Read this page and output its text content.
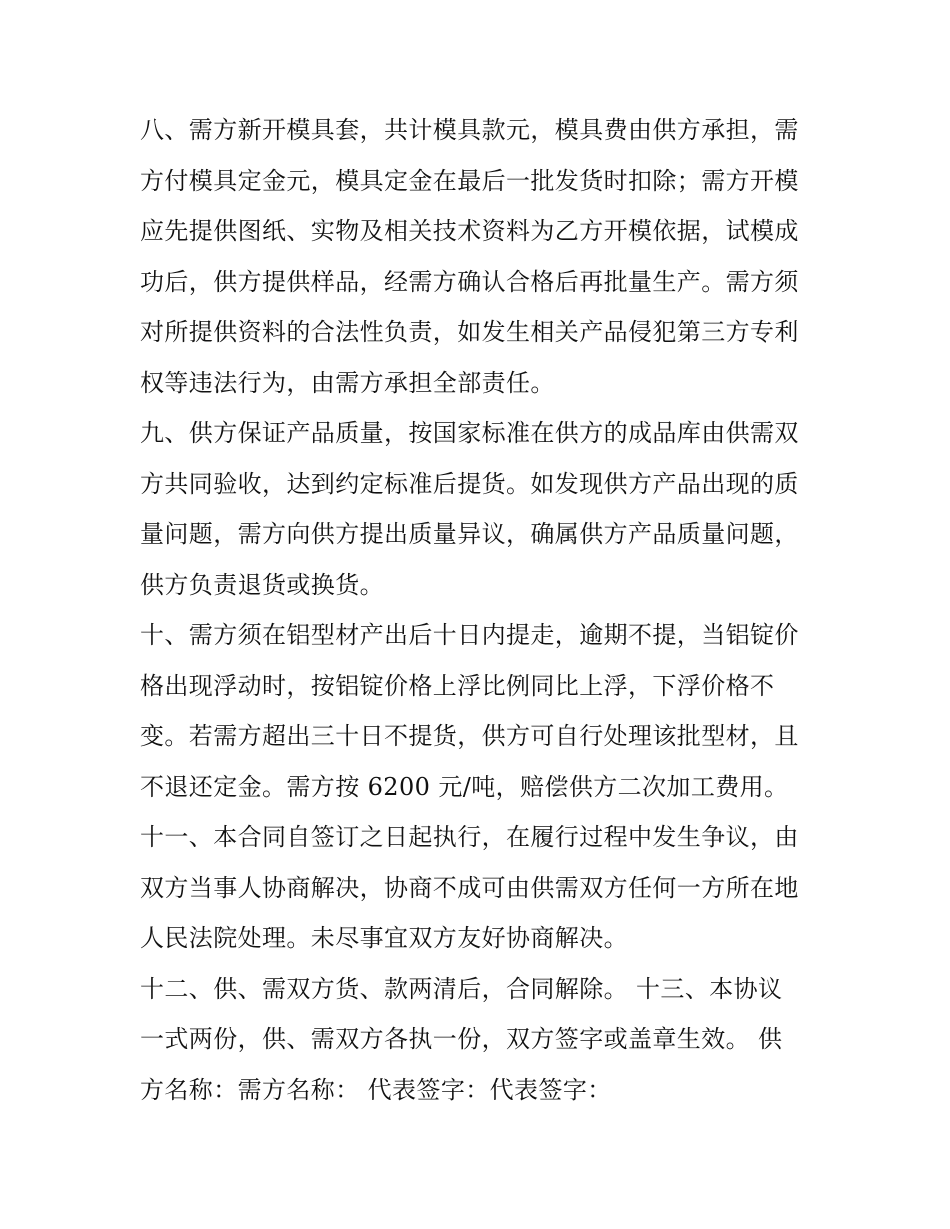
八、需方新开模具套，共计模具款元，模具费由供方承担，需
方付模具定金元，模具定金在最后一批发货时扣除；需方开模
应先提供图纸、实物及相关技术资料为乙方开模依据，试模成
功后，供方提供样品，经需方确认合格后再批量生产。需方须
对所提供资料的合法性负责，如发生相关产品侵犯第三方专利
权等违法行为，由需方承担全部责任。
九、供方保证产品质量，按国家标准在供方的成品库由供需双
方共同验收，达到约定标准后提货。如发现供方产品出现的质
量问题，需方向供方提出质量异议，确属供方产品质量问题，
供方负责退货或换货。
十、需方须在铝型材产出后十日内提走，逾期不提，当铝锭价
格出现浮动时，按铝锭价格上浮比例同比上浮，下浮价格不
变。若需方超出三十日不提货，供方可自行处理该批型材，且
不退还定金。需方按 6200 元/吨，赔偿供方二次加工费用。
十一、本合同自签订之日起执行，在履行过程中发生争议，由
双方当事人协商解决，协商不成可由供需双方任何一方所在地
人民法院处理。未尽事宜双方友好协商解决。
十二、供、需双方货、款两清后，合同解除。 十三、本协议
一式两份，供、需双方各执一份，双方签字或盖章生效。 供
方名称：需方名称： 代表签字：代表签字：
